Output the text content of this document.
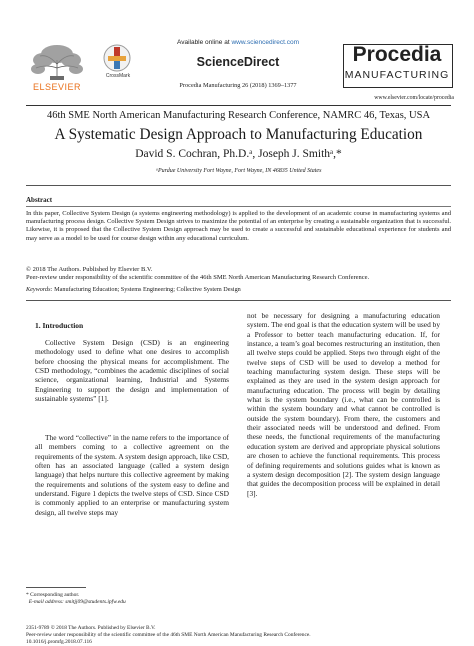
ELSEVIER
CrossMark
Available online at www.sciencedirect.com
ScienceDirect
Procedia Manufacturing 26 (2018) 1369–1377
Procedia
MANUFACTURING
www.elsevier.com/locate/procedia
46th SME North American Manufacturing Research Conference, NAMRC 46, Texas, USA
A Systematic Design Approach to Manufacturing Education
David S. Cochran, Ph.D.ᵃ, Joseph J. Smithᵃ,*
ᵃPurdue University Fort Wayne, Fort Wayne, IN 46835 United States
Abstract
In this paper, Collective System Design (a systems engineering methodology) is applied to the development of an academic course in manufacturing systems and manufacturing process design. Collective System Design strives to maximize the potential of an enterprise by creating a sustainable organization that is successful. Likewise, it is proposed that the Collective System Design approach may be used to create a successful and sustainable educational experience for students and may serve as a model to be used for course design within any educational curriculum.
© 2018 The Authors. Published by Elsevier B.V.
Peer-review under responsibility of the scientific committee of the 46th SME North American Manufacturing Research Conference.
Keywords: Manufacturing Education; Systems Engineering; Collective System Design
1. Introduction
Collective System Design (CSD) is an engineering methodology used to define what one desires to accomplish before choosing the physical means for accomplishment. The CSD methodology, “combines the academic disciplines of social science, organizational learning, Industrial and Systems Engineering to support the design and implementation of sustainable systems” [1].
The word “collective” in the name refers to the importance of all members coming to a collective agreement on the requirements of the system. A system design approach, like CSD, often has an associated language (called a system design language) that helps nurture this collective agreement by making the requirements and solutions of the system easy to define and understand. Figure 1 depicts the twelve steps of CSD. Since CSD is commonly applied to an enterprise or manufacturing system design, all twelve steps may
not be necessary for designing a manufacturing education system. The end goal is that the education system will be used by a Professor to better teach manufacturing education. If, for instance, a team’s goal becomes restructuring an institution, then all twelve steps could be applied. Steps two through eight of the twelve steps of CSD will be used to develop a method for teaching manufacturing system design. These steps will be explained as they are used in the system design approach for manufacturing education. The process will begin by detailing what is the system boundary (i.e., what can be controlled is within the system boundary and what cannot be controlled is outside the system boundary). From there, the customers and their associated needs will be understood and defined. From these needs, the functional requirements of the manufacturing education system are derived and appropriate physical solutions are chosen to achieve the functional requirements. This process of defining requirements and solutions guides what is known as a system design decomposition [2]. The system design language that guides the decomposition process will be explained in detail [3].
* Corresponding author.
E-mail address: smitjj09@students.ipfw.edu
2351-9789 © 2018 The Authors. Published by Elsevier B.V.
Peer-review under responsibility of the scientific committee of the 46th SME North American Manufacturing Research Conference.
10.1016/j.promfg.2018.07.116
